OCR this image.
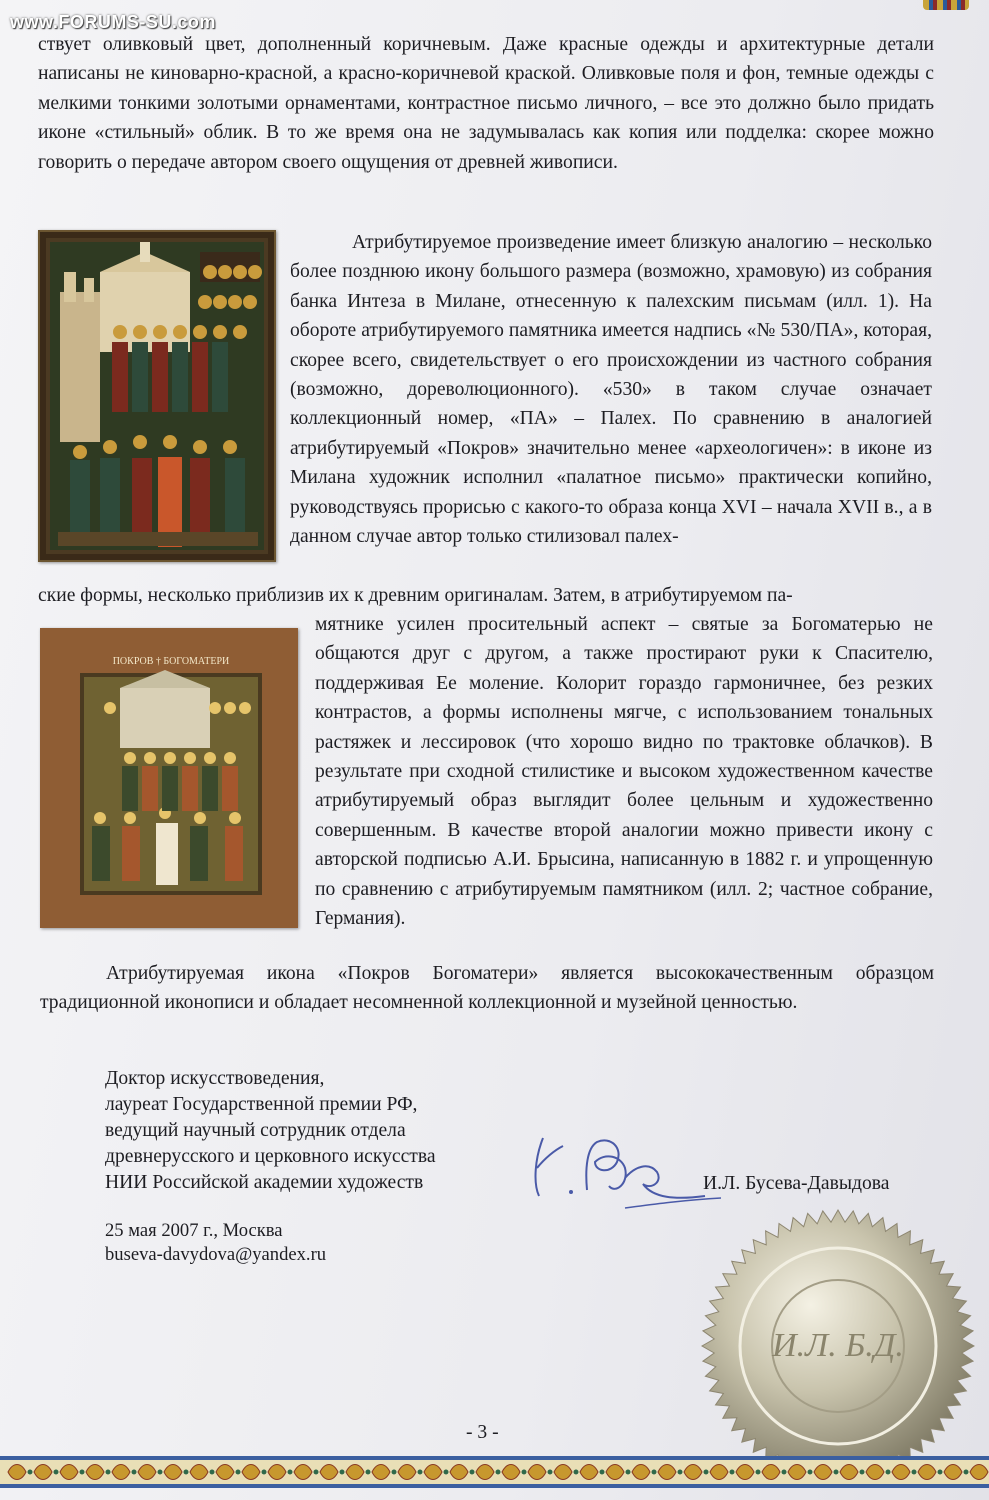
www.FORUMS-SU.com

ствует оливковый цвет, дополненный коричневым. Даже красные одежды и архитектурные детали написаны не киноварно-красной, а красно-коричневой краской. Оливковые поля и фон, темные одежды с мелкими тонкими золотыми орнаментами, контрастное письмо личного, – все это должно было придать иконе «стильный» облик. В то же время она не задумывалась как копия или подделка: скорее можно говорить о передаче автором своего ощущения от древней живописи.

Атрибутируемое произведение имеет близкую аналогию – несколько более позднюю икону большого размера (возможно, храмовую) из собрания банка Интеза в Милане, отнесенную к палехским письмам (илл. 1). На обороте атрибутируемого памятника имеется надпись «№ 530/ПА», которая, скорее всего, свидетельствует о его происхождении из частного собрания (возможно, дореволюционного). «530» в таком случае означает коллекционный номер, «ПА» – Палех. По сравнению в аналогией атрибутируемый «Покров» значительно менее «археологичен»: в иконе из Милана художник исполнил «палатное письмо» практически копийно, руководствуясь прорисью с какого-то образа конца XVI – начала XVII в., а в данном случае автор только стилизовал палех-

ские формы, несколько приблизив их к древним оригиналам. Затем, в атрибутируемом па-

ПОКРОВ † БОГОМАТЕРИ

мятнике усилен просительный аспект – святые за Богоматерью не общаются друг с другом, а также простирают руки к Спасителю, поддерживая Ее моление. Колорит гораздо гармоничнее, без резких контрастов, а формы исполнены мягче, с использованием тональных растяжек и лессировок (что хорошо видно по трактовке облачков). В результате при сходной стилистике и высоком художественном качестве атрибутируемый образ выглядит более цельным и художественно совершенным. В качестве второй аналогии можно привести икону с авторской подписью А.И. Брысина, написанную в 1882 г. и упрощенную по сравнению с атрибутируемым памятником (илл. 2; частное собрание, Германия).

Атрибутируемая икона «Покров Богоматери» является высококачественным образцом традиционной иконописи и обладает несомненной коллекционной и музейной ценностью.

Доктор искусствоведения,
лауреат Государственной премии РФ,
ведущий научный сотрудник отдела
древнерусского и церковного искусства
НИИ Российской академии художеств	И.Л. Бусева-Давыдова
25 мая 2007 г., Москва
buseva-davydova@yandex.ru
И.Л. Б.Д.
- 3 -
